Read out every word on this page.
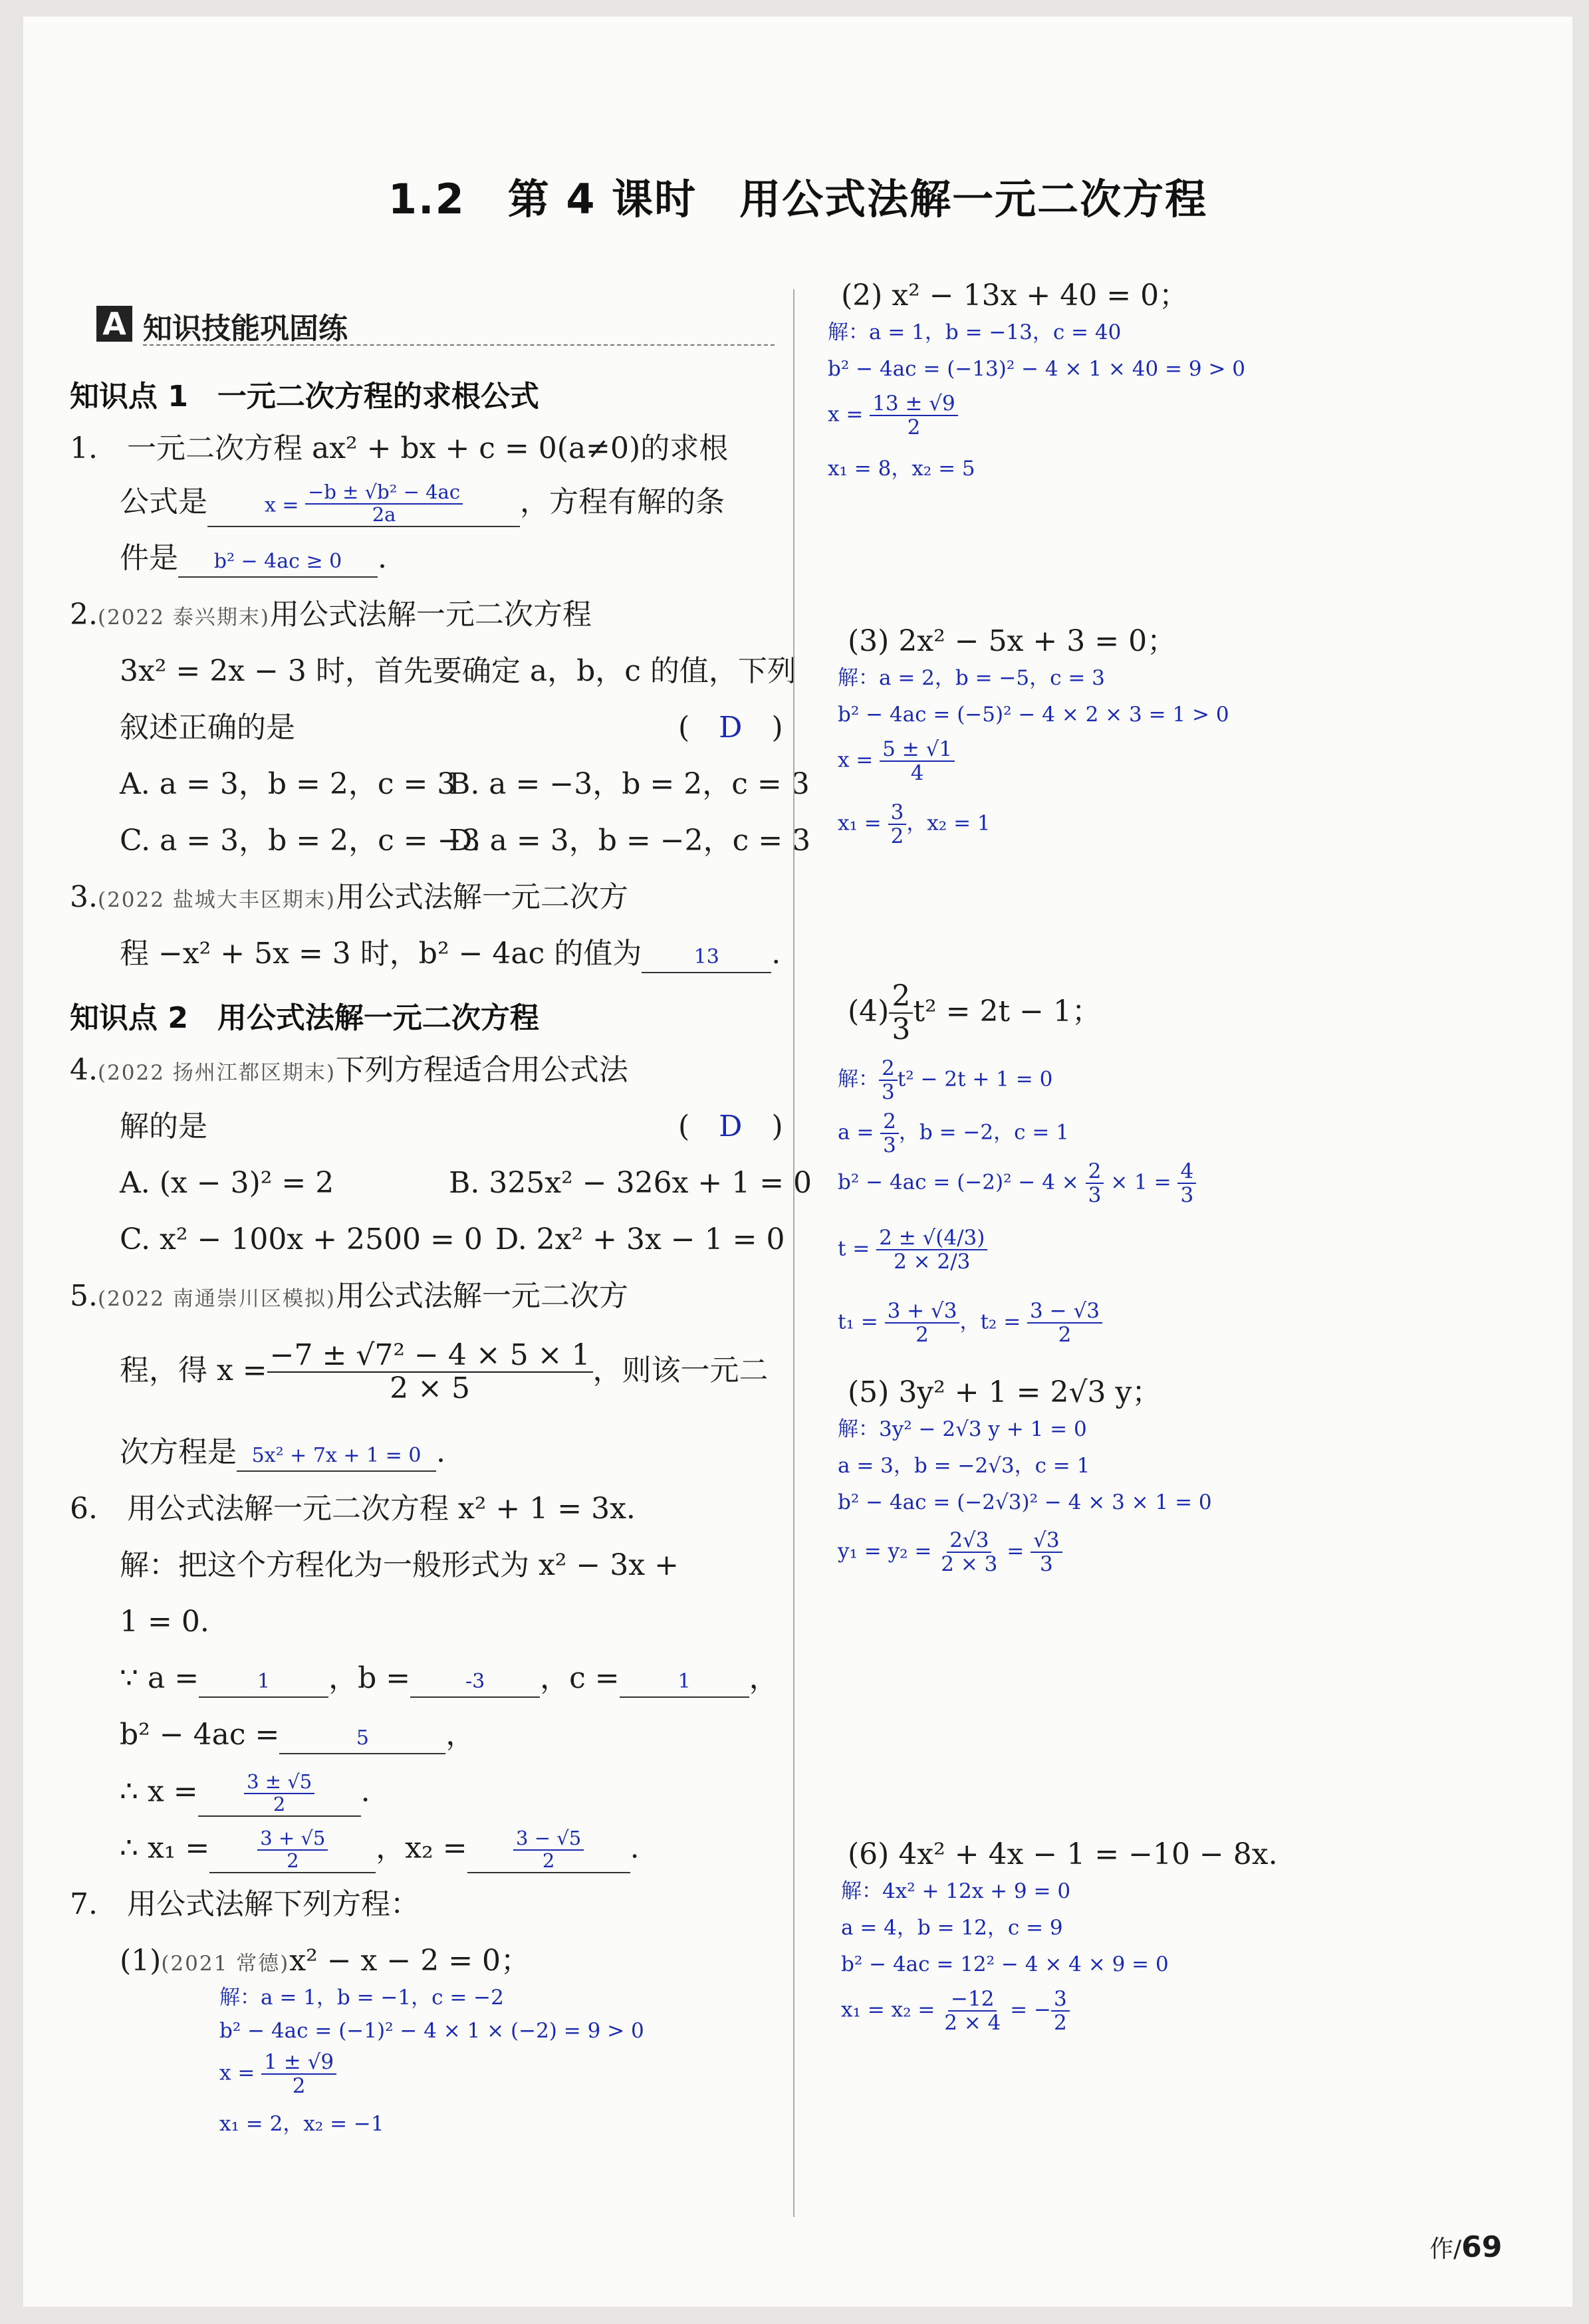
1.2　第 4 课时　用公式法解一元二次方程
A 知识技能巩固练
知识点 1　一元二次方程的求根公式
1.　一元二次方程 ax² + bx + c = 0(a≠0)的求根
公式是	$x = \frac{\text{−b ± √b² − 4ac}}{2a}$ ，方程有解的条
件是 b² − 4ac ≥ 0 .
2.(2022 泰兴期末)用公式法解一元二次方程
3x² = 2x − 3 时，首先要确定 a，b，c 的值，下列
叙述正确的是	(　D　)
A. a = 3，b = 2，c = 3
B. a = −3，b = 2，c = 3
C. a = 3，b = 2，c = −3
D. a = 3，b = −2，c = 3
3.(2022 盐城大丰区期末)用公式法解一元二次方
程 −x² + 5x = 3 时，b² − 4ac 的值为	13 .
知识点 2　用公式法解一元二次方程
4.(2022 扬州江都区期末)下列方程适合用公式法
解的是	(　D　)
A. (x − 3)² = 2	B. 325x² − 326x + 1 = 0
C. x² − 100x + 2500 = 0 D. 2x² + 3x − 1 = 0
5.(2022 南通崇川区模拟)用公式法解一元二次方
程，得 $x = \frac{\text{−7 ± √7² − 4 × 5 × 1}}{2 \times 5}$ ，则该一元二
次方程是 5x² + 7x + 1 = 0 .
6.　用公式法解一元二次方程 x² + 1 = 3x.
解：把这个方程化为一般形式为 x² − 3x +
1 = 0.
∵ a =	1 ，b =	-3 ，c =	1 ，
b² − 4ac =	5	，
∴ $x = \frac{3 \pm √5}{2}$ .
∴ $x_1 = \frac{3 + √5}{2}$ ，$x_2 = \frac{3 - √5}{2}$ .
7.　用公式法解下列方程：
(1)(2021 常德)x² − x − 2 = 0；
解：a = 1，b = −1，c = −2
b² − 4ac = (−1)² − 4 × 1 × (−2) = 9 > 0
$x = \frac{1 \pm √9}{2}$
x₁ = 2，x₂ = −1
(2) x² − 13x + 40 = 0；
解：a = 1，b = −13，c = 40
b² − 4ac = (−13)² − 4 × 1 × 40 = 9 > 0
$x = \frac{13 \pm √9}{2}$
x₁ = 8，x₂ = 5
(3) 2x² − 5x + 3 = 0；
解：a = 2，b = −5，c = 3
b² − 4ac = (−5)² − 4 × 2 × 3 = 1 > 0
$x = \frac{5 \pm √1}{4}$
$x_1 = \frac{3}{2}$ ，x₂ = 1
$(4) \frac{2}{3} t^2 = 2t - 1$；
解： $\frac{2}{3} t^2 - 2t + 1 = 0$
$a = \frac{2}{3}$ ，b = −2，c = 1
$b^2 - 4ac = (-2)^2 - 4 \times \frac{2}{3} \times 1 = \frac{4}{3}$
$t = \frac{2 \pm √(4/3)}{2 \times 2/3}$
$t_1 = \frac{3 + √3}{2}$ ，$t_2 = \frac{3 - √3}{2}$
(5) 3y² + 1 = 2√3 y；
解：3y² − 2√3 y + 1 = 0
a = 3，b = −2√3，c = 1
b² − 4ac = (−2√3)² − 4 × 3 × 1 = 0
$y_1 = y_2 = \frac{2√3}{2 \times 3} = \frac{√3}{3}$
(6) 4x² + 4x − 1 = −10 − 8x.
解：4x² + 12x + 9 = 0
a = 4，b = 12，c = 9
b² − 4ac = 12² − 4 × 4 × 9 = 0
$x_1 = x_2 = \frac{-12}{2 \times 4}$ = − $\frac{3}{2}$
作/69
